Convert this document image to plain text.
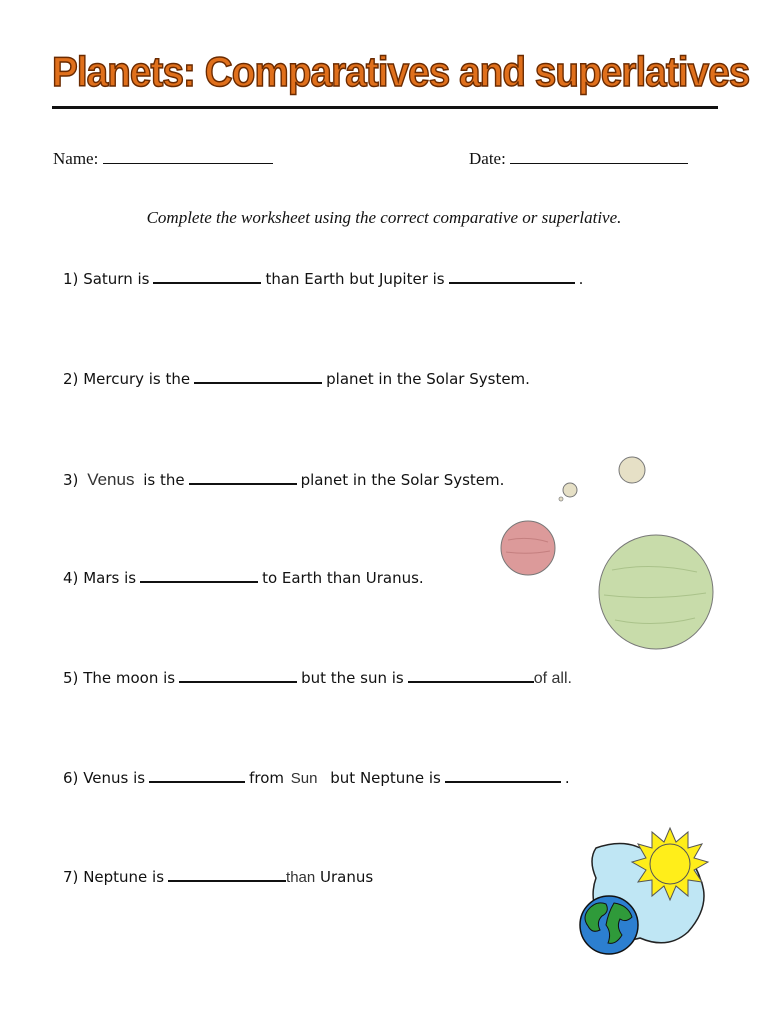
Planets: Comparatives and superlatives
Name:	Date:
Complete the worksheet using the correct comparative or superlative.
1) Saturn is	than Earth but Jupiter is	.
2) Mercury is the	planet in the Solar System.
3) Venus is the	planet in the Solar System.
4) Mars is	to Earth than Uranus.
5) The moon is	but the sun is	of all.
6) Venus is	from Sun but Neptune is	.
7) Neptune is	than Uranus
